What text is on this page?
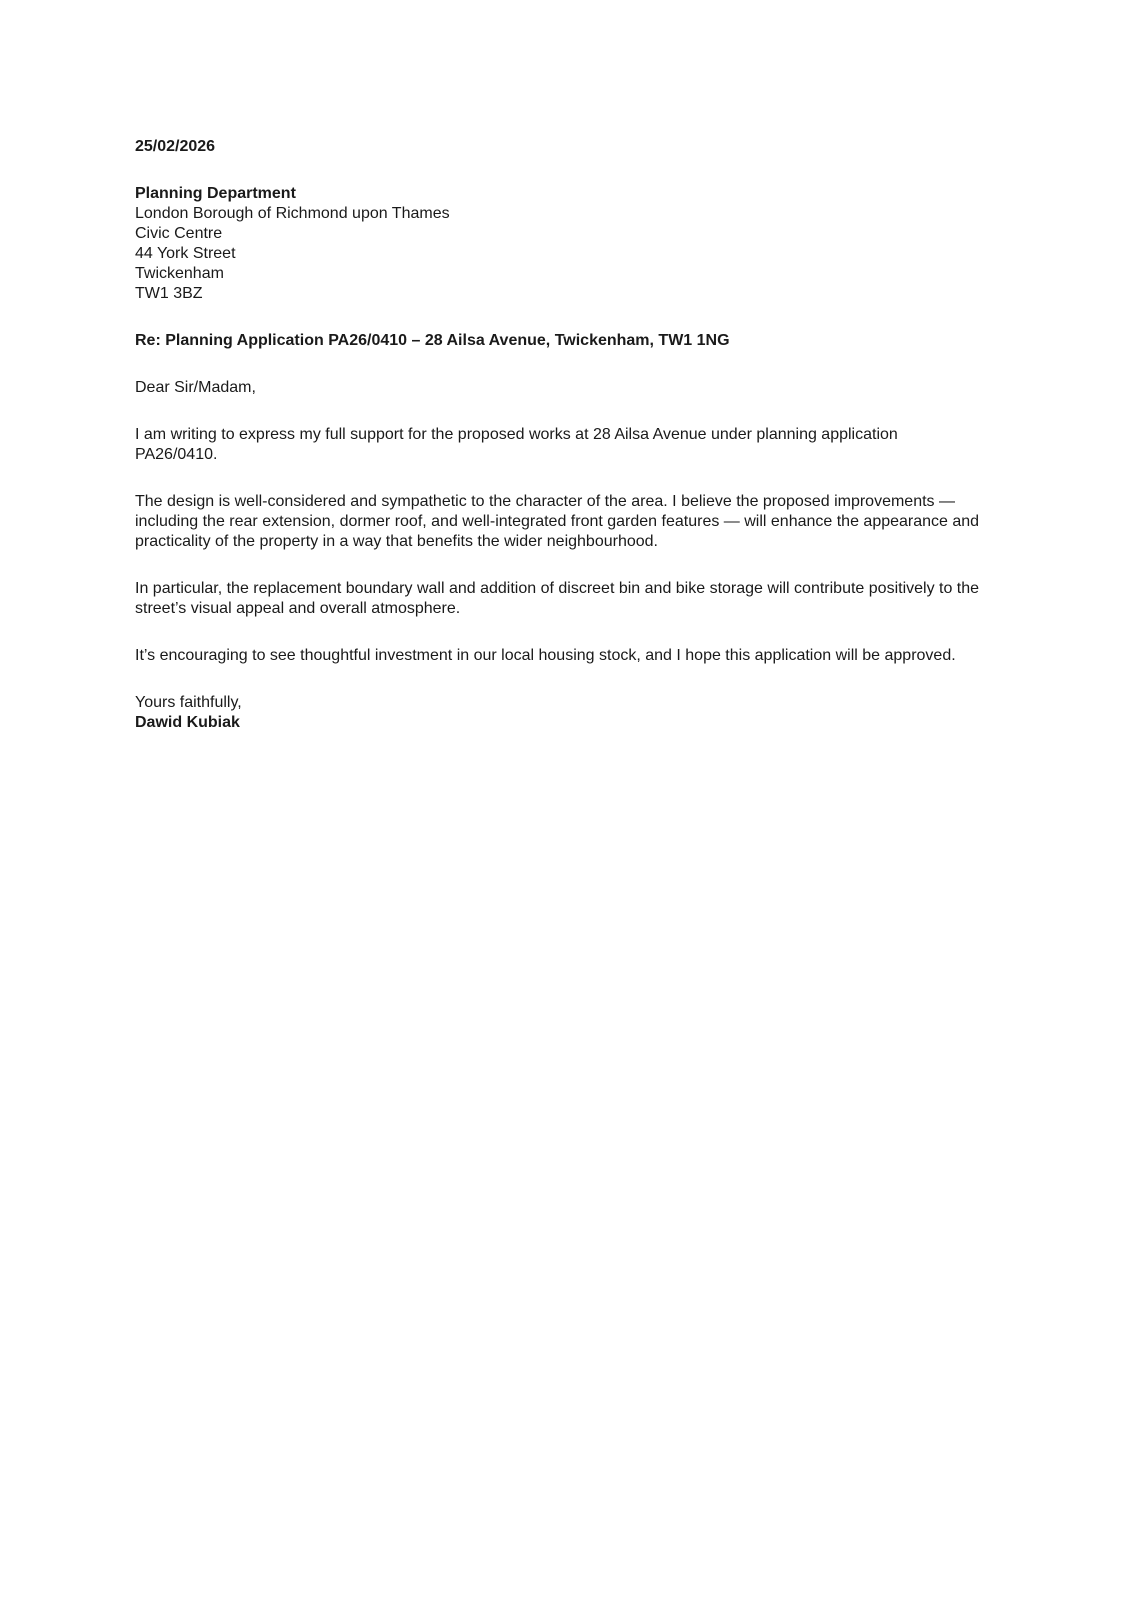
25/02/2026
Planning Department
London Borough of Richmond upon Thames
Civic Centre
44 York Street
Twickenham
TW1 3BZ
Re: Planning Application PA26/0410 – 28 Ailsa Avenue, Twickenham, TW1 1NG
Dear Sir/Madam,

I am writing to express my full support for the proposed works at 28 Ailsa Avenue under planning application PA26/0410.

The design is well-considered and sympathetic to the character of the area. I believe the proposed improvements — including the rear extension, dormer roof, and well-integrated front garden features — will enhance the appearance and practicality of the property in a way that benefits the wider neighbourhood.

In particular, the replacement boundary wall and addition of discreet bin and bike storage will contribute positively to the street’s visual appeal and overall atmosphere.

It’s encouraging to see thoughtful investment in our local housing stock, and I hope this application will be approved.

Yours faithfully,
Dawid Kubiak
